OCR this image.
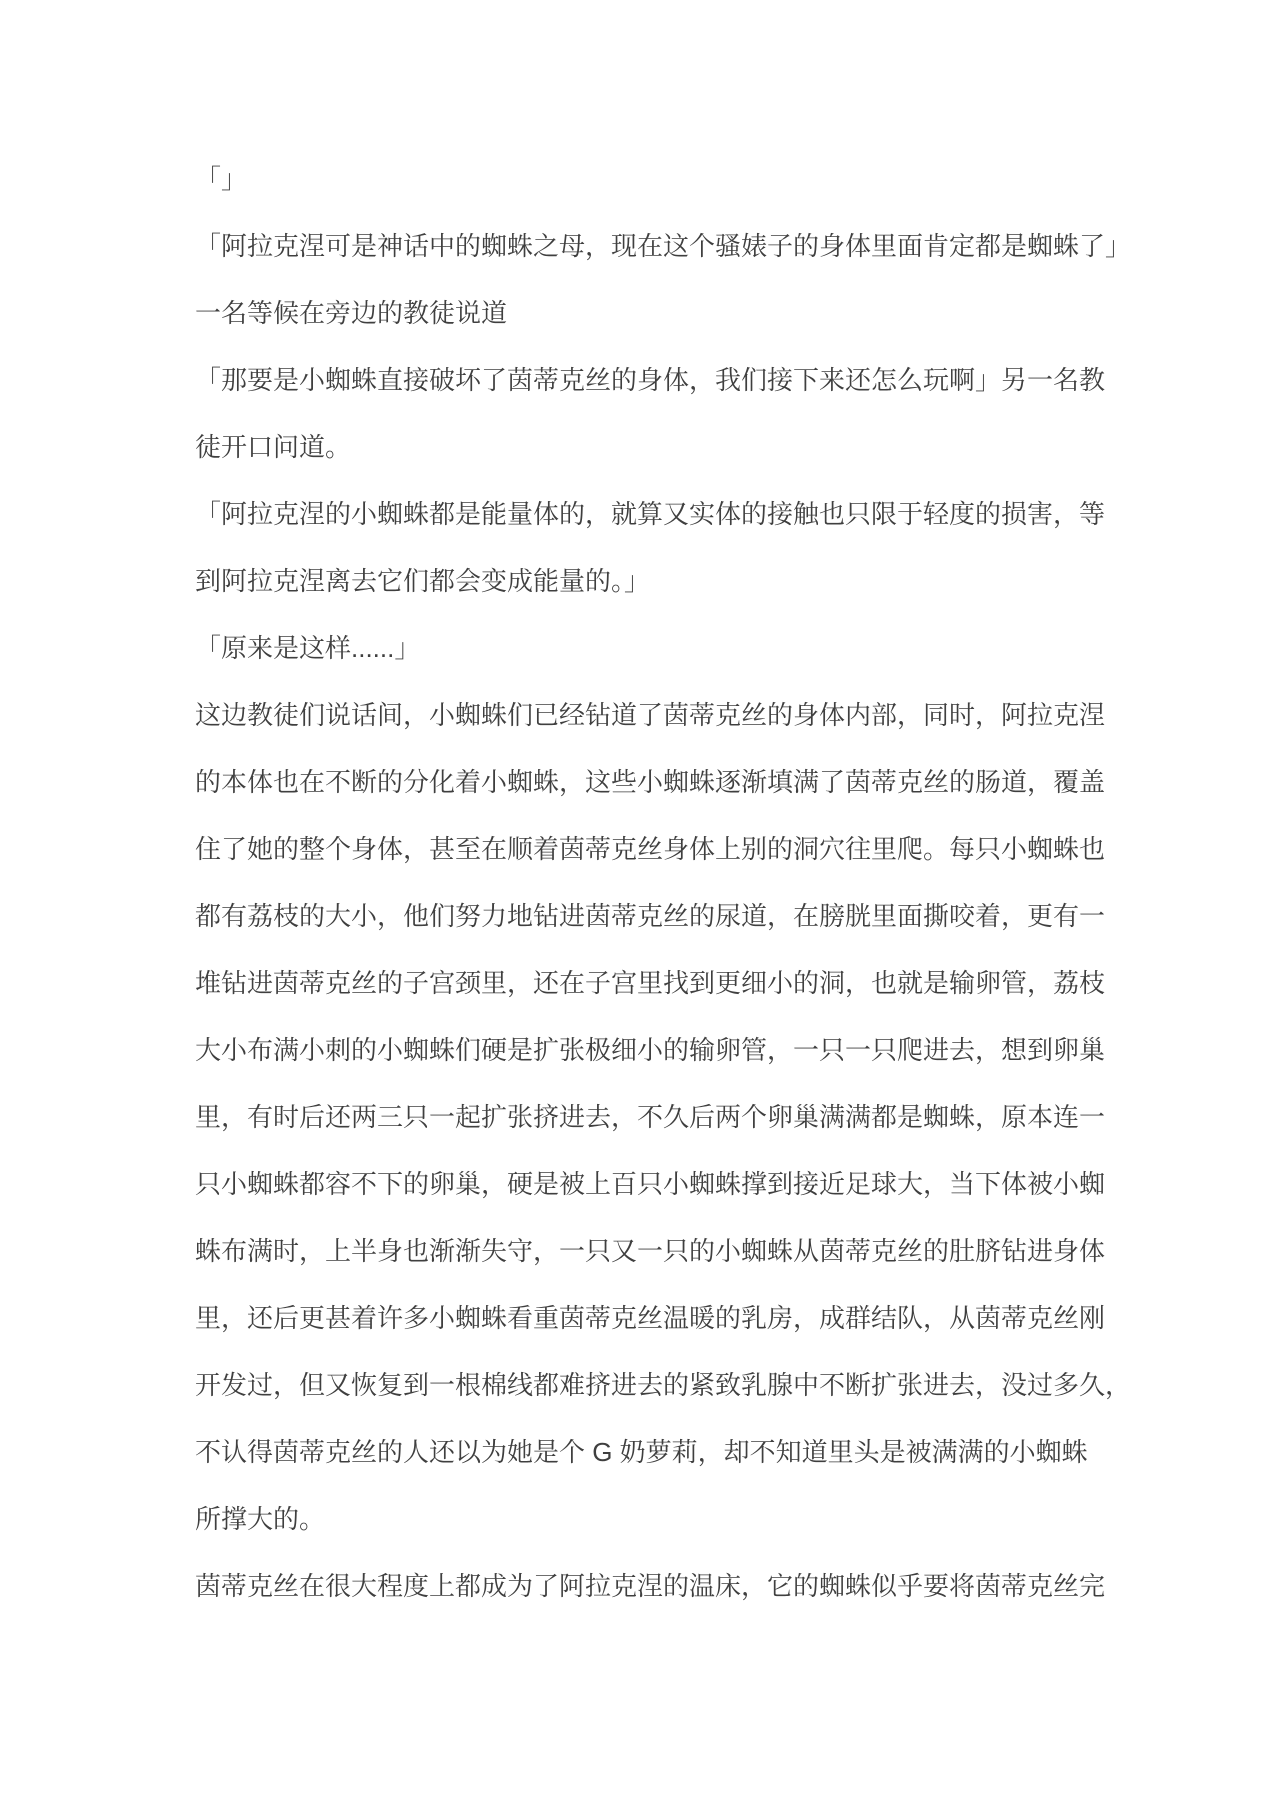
「」
「阿拉克涅可是神话中的蜘蛛之母，现在这个骚婊子的身体里面肯定都是蜘蛛了」
一名等候在旁边的教徒说道
「那要是小蜘蛛直接破坏了茵蒂克丝的身体，我们接下来还怎么玩啊」另一名教
徒开口问道。
「阿拉克涅的小蜘蛛都是能量体的，就算又实体的接触也只限于轻度的损害，等
到阿拉克涅离去它们都会变成能量的。」
「原来是这样......」
这边教徒们说话间，小蜘蛛们已经钻道了茵蒂克丝的身体内部，同时，阿拉克涅
的本体也在不断的分化着小蜘蛛，这些小蜘蛛逐渐填满了茵蒂克丝的肠道，覆盖
住了她的整个身体，甚至在顺着茵蒂克丝身体上别的洞穴往里爬。每只小蜘蛛也
都有荔枝的大小，他们努力地钻进茵蒂克丝的尿道，在膀胱里面撕咬着，更有一
堆钻进茵蒂克丝的子宫颈里，还在子宫里找到更细小的洞，也就是输卵管，荔枝
大小布满小刺的小蜘蛛们硬是扩张极细小的输卵管，一只一只爬进去，想到卵巢
里，有时后还两三只一起扩张挤进去，不久后两个卵巢满满都是蜘蛛，原本连一
只小蜘蛛都容不下的卵巢，硬是被上百只小蜘蛛撑到接近足球大，当下体被小蜘
蛛布满时，上半身也渐渐失守，一只又一只的小蜘蛛从茵蒂克丝的肚脐钻进身体
里，还后更甚着许多小蜘蛛看重茵蒂克丝温暖的乳房，成群结队，从茵蒂克丝刚
开发过，但又恢复到一根棉线都难挤进去的紧致乳腺中不断扩张进去，没过多久，
不认得茵蒂克丝的人还以为她是个 G 奶萝莉，却不知道里头是被满满的小蜘蛛
所撑大的。
茵蒂克丝在很大程度上都成为了阿拉克涅的温床，它的蜘蛛似乎要将茵蒂克丝完
